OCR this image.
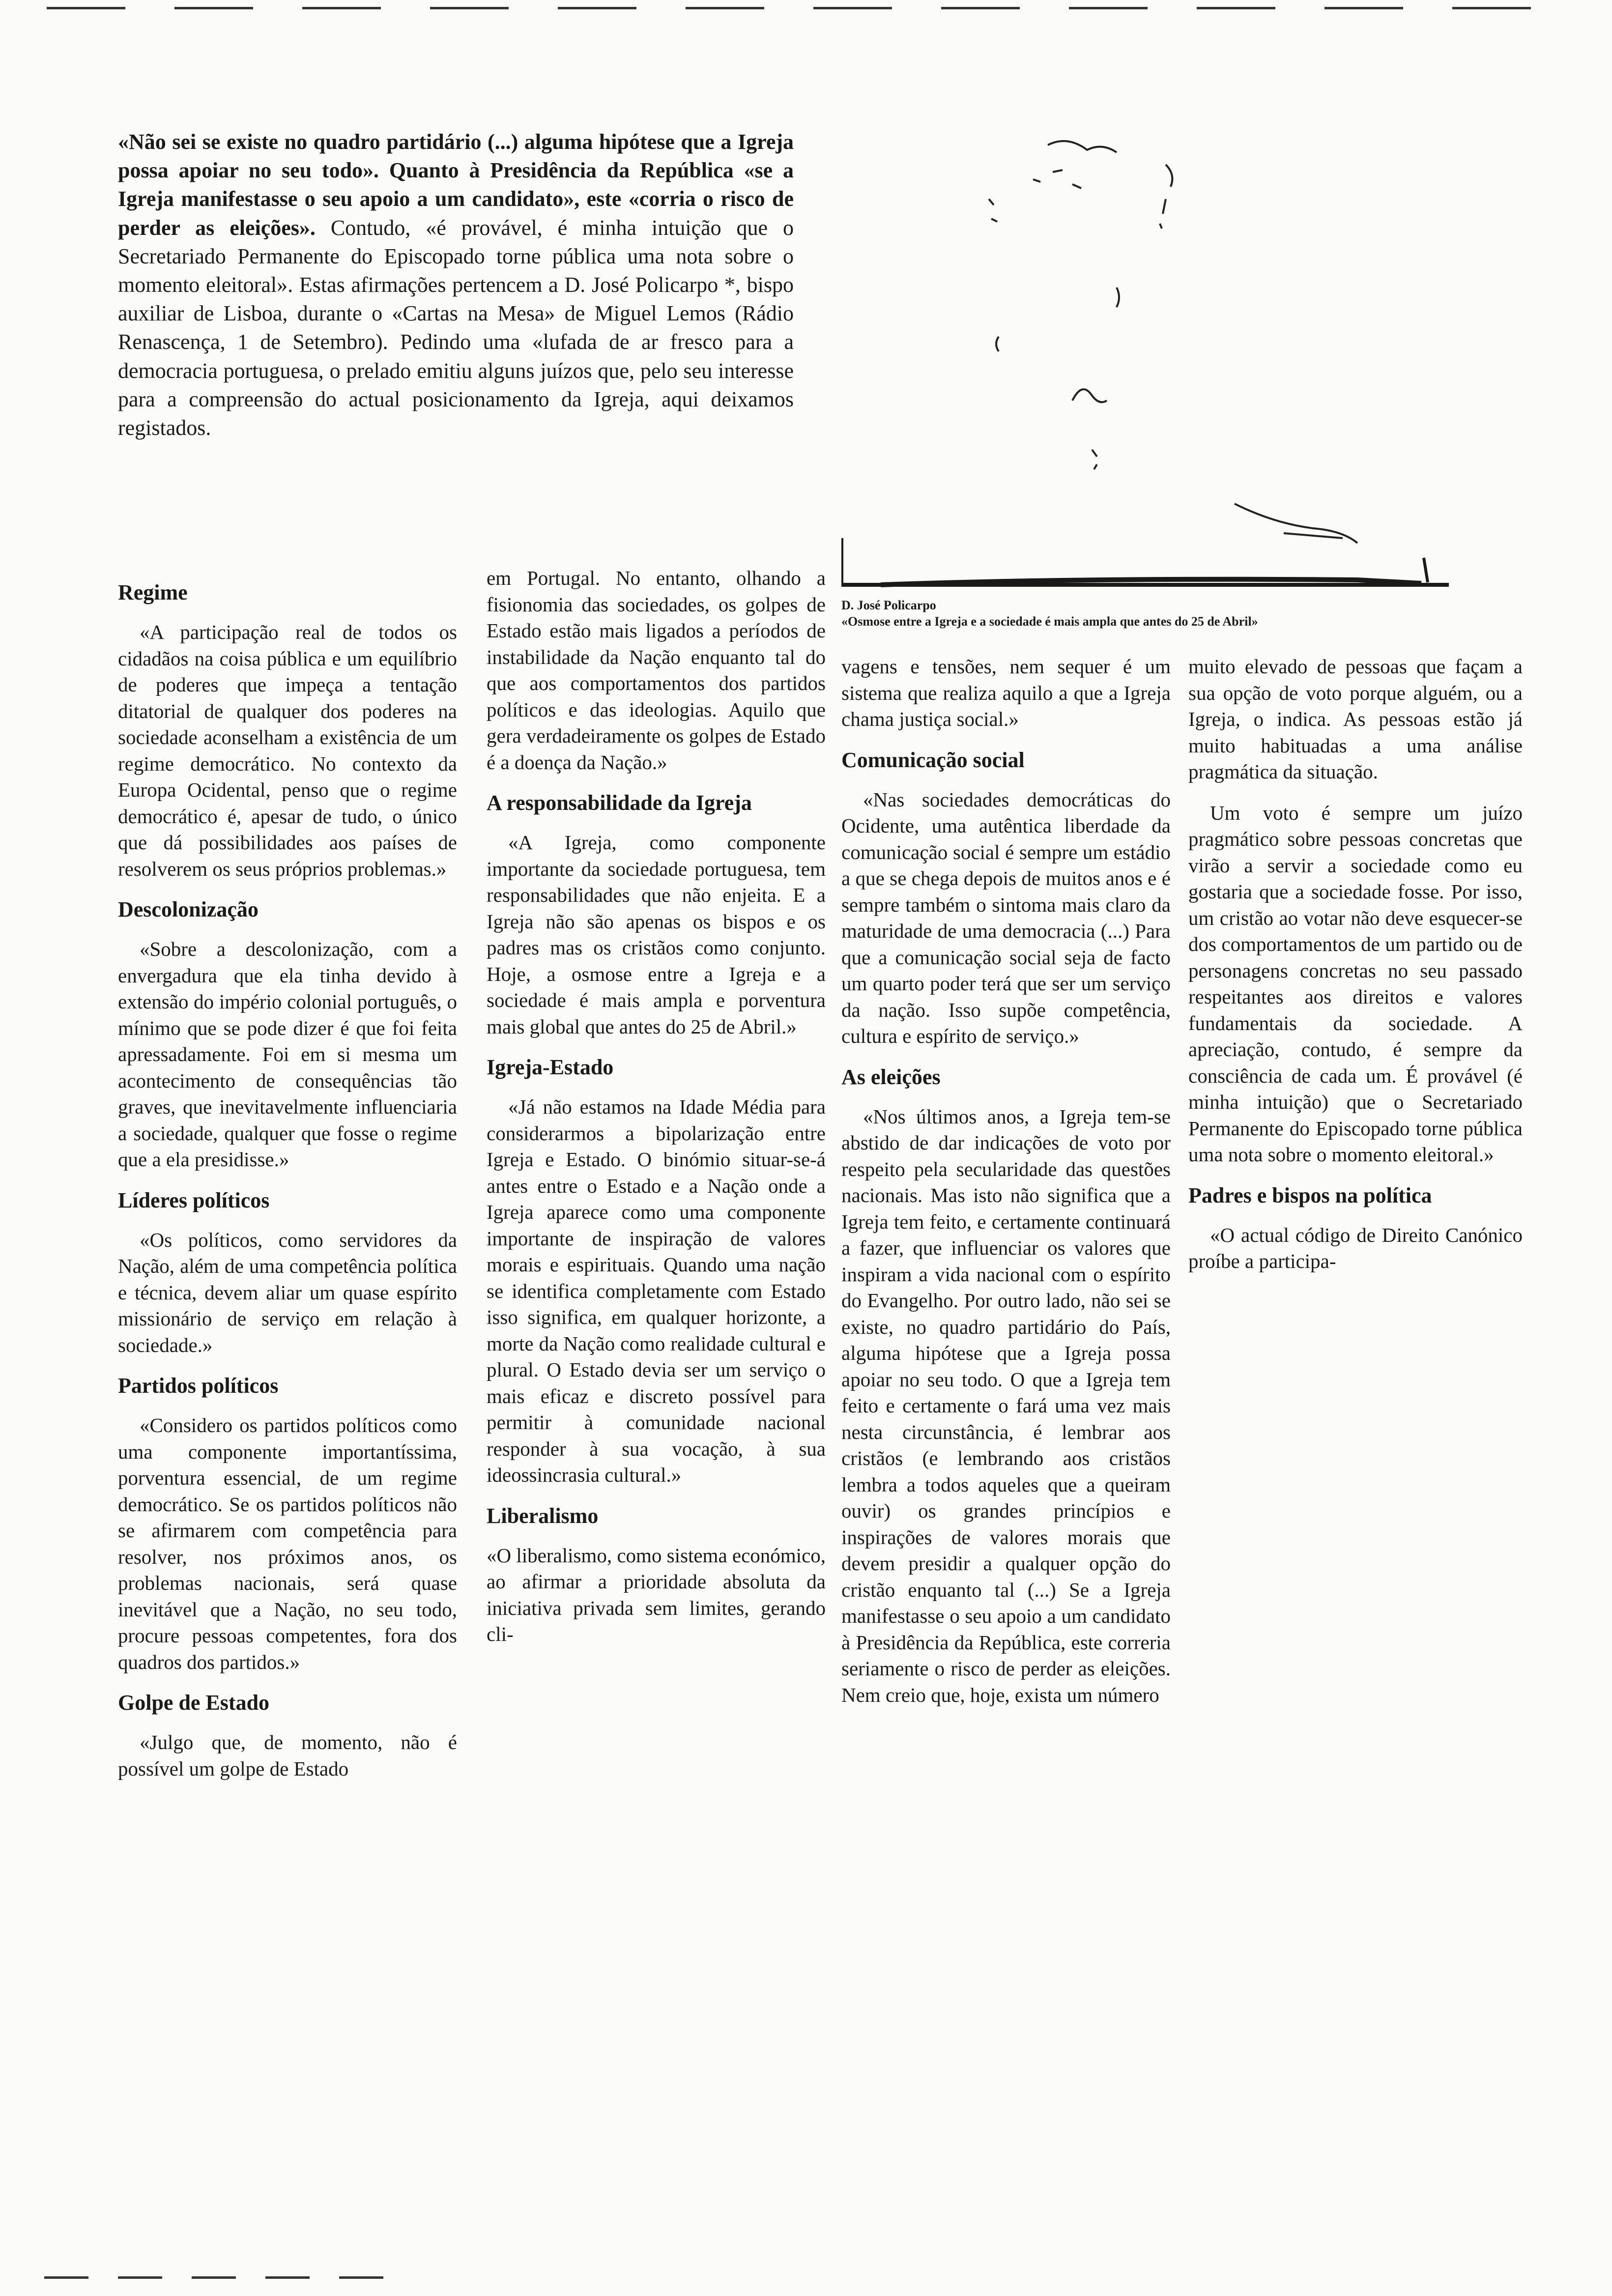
«Não sei se existe no quadro partidário (...) alguma hipótese que a Igreja possa apoiar no seu todo». Quanto à Presidência da República «se a Igreja manifestasse o seu apoio a um candidato», este «corria o risco de perder as eleições». Contudo, «é provável, é minha intuição que o Secretariado Permanente do Episcopado torne pública uma nota sobre o momento eleitoral». Estas afirmações pertencem a D. José Policarpo *, bispo auxiliar de Lisboa, durante o «Cartas na Mesa» de Miguel Lemos (Rádio Renascença, 1 de Setembro). Pedindo uma «lufada de ar fresco para a democracia portuguesa, o prelado emitiu alguns juízos que, pelo seu interesse para a compreensão do actual posicionamento da Igreja, aqui deixamos registados.

D. José Policarpo
«Osmose entre a Igreja e a sociedade é mais ampla que antes do 25 de Abril»
Regime

«A participação real de todos os cidadãos na coisa pública e um equilíbrio de poderes que impeça a tentação ditatorial de qualquer dos poderes na sociedade aconselham a existência de um regime democrático. No contexto da Europa Ocidental, penso que o regime democrático é, apesar de tudo, o único que dá possibilidades aos países de resolverem os seus próprios problemas.»

Descolonização

«Sobre a descolonização, com a envergadura que ela tinha devido à extensão do império colonial português, o mínimo que se pode dizer é que foi feita apressadamente. Foi em si mesma um acontecimento de consequências tão graves, que inevitavelmente influenciaria a sociedade, qualquer que fosse o regime que a ela presidisse.»

Líderes políticos

«Os políticos, como servidores da Nação, além de uma competência política e técnica, devem aliar um quase espírito missionário de serviço em relação à sociedade.»

Partidos políticos

«Considero os partidos políticos como uma componente importantíssima, porventura essencial, de um regime democrático. Se os partidos políticos não se afirmarem com competência para resolver, nos próximos anos, os problemas nacionais, será quase inevitável que a Nação, no seu todo, procure pessoas competentes, fora dos quadros dos partidos.»

Golpe de Estado

«Julgo que, de momento, não é possível um golpe de Estado

em Portugal. No entanto, olhando a fisionomia das sociedades, os golpes de Estado estão mais ligados a períodos de instabilidade da Nação enquanto tal do que aos comportamentos dos partidos políticos e das ideologias. Aquilo que gera verdadeiramente os golpes de Estado é a doença da Nação.»

A responsabilidade da Igreja

«A Igreja, como componente importante da sociedade portuguesa, tem responsabilidades que não enjeita. E a Igreja não são apenas os bispos e os padres mas os cristãos como conjunto. Hoje, a osmose entre a Igreja e a sociedade é mais ampla e porventura mais global que antes do 25 de Abril.»

Igreja-Estado

«Já não estamos na Idade Média para considerarmos a bipolarização entre Igreja e Estado. O binómio situar-se-á antes entre o Estado e a Nação onde a Igreja aparece como uma componente importante de inspiração de valores morais e espirituais. Quando uma nação se identifica completamente com Estado isso significa, em qualquer horizonte, a morte da Nação como realidade cultural e plural. O Estado devia ser um serviço o mais eficaz e discreto possível para permitir à comunidade nacional responder à sua vocação, à sua ideossincrasia cultural.»

Liberalismo

«O liberalismo, como sistema económico, ao afirmar a prioridade absoluta da iniciativa privada sem limites, gerando cli-

vagens e tensões, nem sequer é um sistema que realiza aquilo a que a Igreja chama justiça social.»

Comunicação social

«Nas sociedades democráticas do Ocidente, uma autêntica liberdade da comunicação social é sempre um estádio a que se chega depois de muitos anos e é sempre também o sintoma mais claro da maturidade de uma democracia (...) Para que a comunicação social seja de facto um quarto poder terá que ser um serviço da nação. Isso supõe competência, cultura e espírito de serviço.»

As eleições

«Nos últimos anos, a Igreja tem-se abstido de dar indicações de voto por respeito pela secularidade das questões nacionais. Mas isto não significa que a Igreja tem feito, e certamente continuará a fazer, que influenciar os valores que inspiram a vida nacional com o espírito do Evangelho. Por outro lado, não sei se existe, no quadro partidário do País, alguma hipótese que a Igreja possa apoiar no seu todo. O que a Igreja tem feito e certamente o fará uma vez mais nesta circunstância, é lembrar aos cristãos (e lembrando aos cristãos lembra a todos aqueles que a queiram ouvir) os grandes princípios e inspirações de valores morais que devem presidir a qualquer opção do cristão enquanto tal (...) Se a Igreja manifestasse o seu apoio a um candidato à Presidência da República, este correria seriamente o risco de perder as eleições. Nem creio que, hoje, exista um número

muito elevado de pessoas que façam a sua opção de voto porque alguém, ou a Igreja, o indica. As pessoas estão já muito habituadas a uma análise pragmática da situação.

Um voto é sempre um juízo pragmático sobre pessoas concretas que virão a servir a sociedade como eu gostaria que a sociedade fosse. Por isso, um cristão ao votar não deve esquecer-se dos comportamentos de um partido ou de personagens concretas no seu passado respeitantes aos direitos e valores fundamentais da sociedade. A apreciação, contudo, é sempre da consciência de cada um. É provável (é minha intuição) que o Secretariado Permanente do Episcopado torne pública uma nota sobre o momento eleitoral.»

Padres e bispos na política

«O actual código de Direito Canónico proíbe a participa-
